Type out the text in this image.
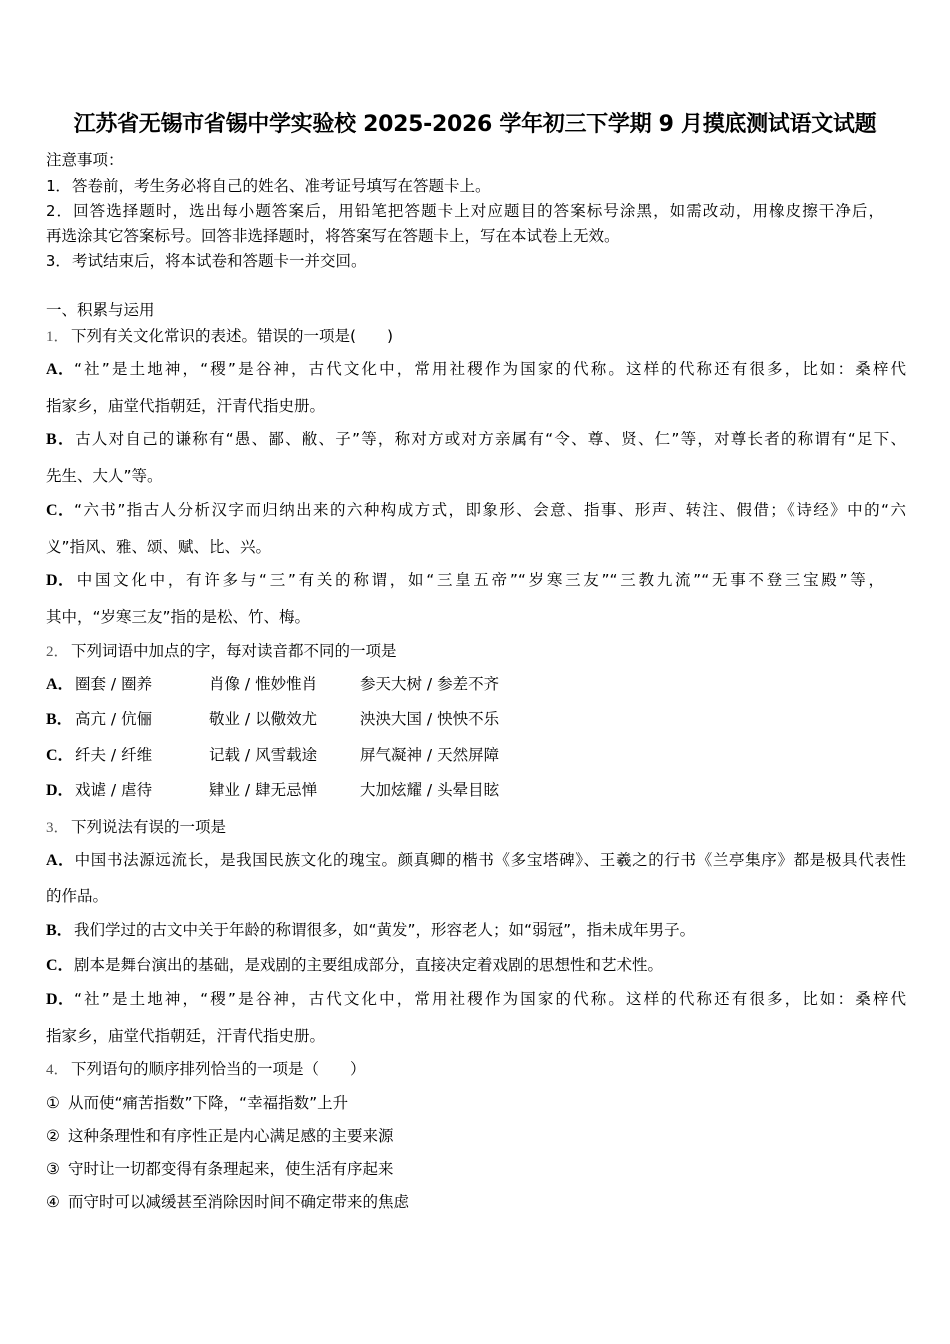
江苏省无锡市省锡中学实验校 2025-2026 学年初三下学期 9 月摸底测试语文试题
注意事项：
1．答卷前，考生务必将自己的姓名、准考证号填写在答题卡上。
2．回答选择题时，选出每小题答案后，用铅笔把答题卡上对应题目的答案标号涂黑，如需改动，用橡皮擦干净后，
再选涂其它答案标号。回答非选择题时，将答案写在答题卡上，写在本试卷上无效。
3．考试结束后，将本试卷和答题卡一并交回。
一、积累与运用
1． 下列有关文化常识的表述。错误的一项是(　　)
A．“社”是土地神，“稷”是谷神，古代文化中，常用社稷作为国家的代称。这样的代称还有很多，比如：桑梓代
指家乡，庙堂代指朝廷，汗青代指史册。
B．古人对自己的谦称有“愚、鄙、敝、子”等，称对方或对方亲属有“令、尊、贤、仁”等，对尊长者的称谓有“足下、
先生、大人”等。
C．“六书”指古人分析汉字而归纳出来的六种构成方式，即象形、会意、指事、形声、转注、假借；《诗经》中的“六
义”指风、雅、颂、赋、比、兴。
D．中国文化中，有许多与“三”有关的称谓，如“三皇五帝”“岁寒三友”“三教九流”“无事不登三宝殿”等，
其中，“岁寒三友”指的是松、竹、梅。
2． 下列词语中加点的字，每对读音都不同的一项是
A． 圈套 / 圈养	肖像 / 惟妙惟肖	参天大树 / 参差不齐
B． 高亢 / 伉俪	敬业 / 以儆效尤	泱泱大国 / 怏怏不乐
C． 纤夫 / 纤维	记载 / 风雪载途	屏气凝神 / 天然屏障
D． 戏谑 / 虐待	肄业 / 肆无忌惮	大加炫耀 / 头晕目眩
3． 下列说法有误的一项是
A．中国书法源远流长，是我国民族文化的瑰宝。颜真卿的楷书《多宝塔碑》、王羲之的行书《兰亭集序》都是极具代表性
的作品。
B．我们学过的古文中关于年龄的称谓很多，如“黄发”，形容老人；如“弱冠”，指未成年男子。
C．剧本是舞台演出的基础，是戏剧的主要组成部分，直接决定着戏剧的思想性和艺术性。
D．“社”是土地神，“稷”是谷神，古代文化中，常用社稷作为国家的代称。这样的代称还有很多，比如：桑梓代
指家乡，庙堂代指朝廷，汗青代指史册。
4． 下列语句的顺序排列恰当的一项是（　　）
① 从而使“痛苦指数”下降，“幸福指数”上升
② 这种条理性和有序性正是内心满足感的主要来源
③ 守时让一切都变得有条理起来，使生活有序起来
④ 而守时可以减缓甚至消除因时间不确定带来的焦虑
